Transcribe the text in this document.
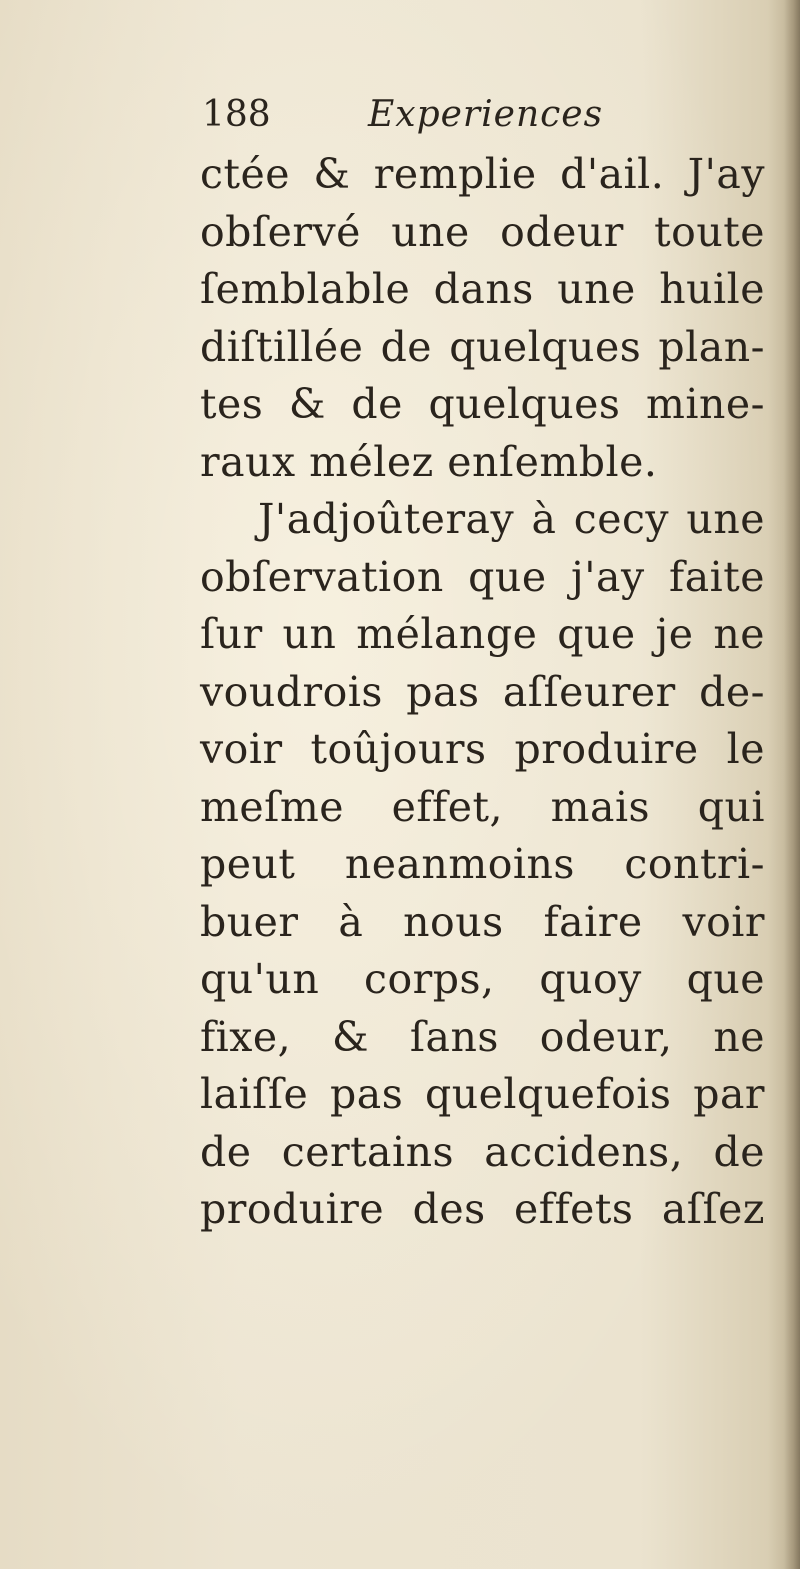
188	Experiences
ctée & remplie d'ail. J'ay
obſervé une odeur toute
ſemblable dans une huile
diſtillée de quelques plan-
tes & de quelques mine-
raux mélez enſemble.
J'adjoûteray à cecy une
obſervation que j'ay faite
ſur un mélange que je ne
voudrois pas aſſeurer de-
voir toûjours produire le
meſme effet, mais qui
peut neanmoins contri-
buer à nous faire voir
qu'un corps, quoy que
fixe, & ſans odeur, ne
laiſſe pas quelquefois par
de certains accidens, de
produire des effets aſſez
